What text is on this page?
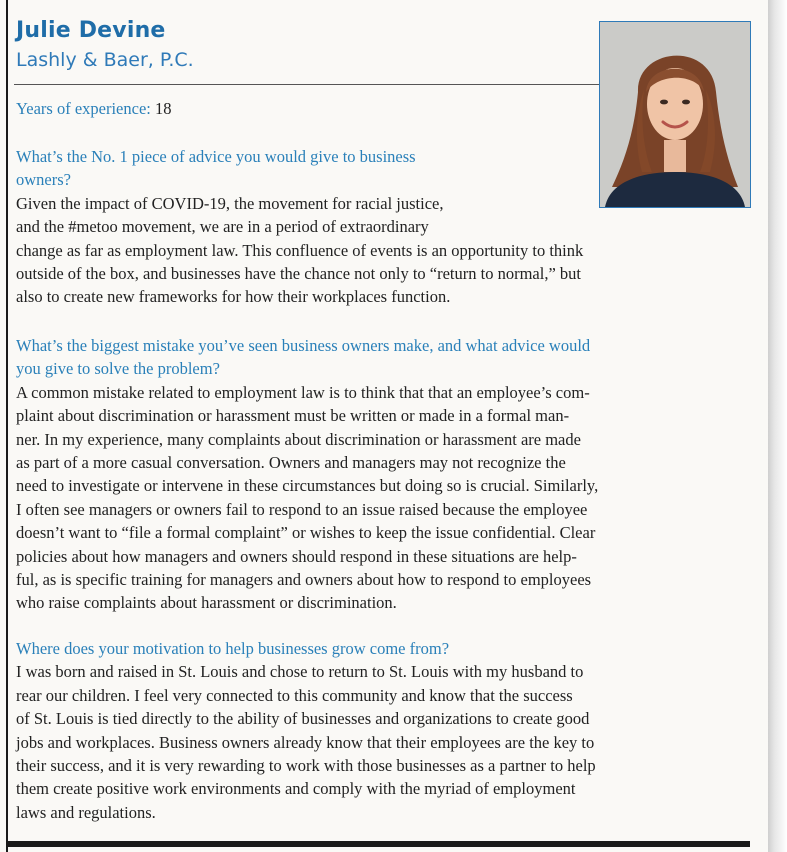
Julie Devine
Lashly & Baer, P.C.
Years of experience: 18
What’s the No. 1 piece of advice you would give to business
owners?
Given the impact of COVID-19, the movement for racial justice,
and the #metoo movement, we are in a period of extraordinary
change as far as employment law. This confluence of events is an opportunity to think
outside of the box, and businesses have the chance not only to “return to normal,” but
also to create new frameworks for how their workplaces function.
What’s the biggest mistake you’ve seen business owners make, and what advice would
you give to solve the problem?
A common mistake related to employment law is to think that that an employee’s com-
plaint about discrimination or harassment must be written or made in a formal man-
ner. In my experience, many complaints about discrimination or harassment are made
as part of a more casual conversation. Owners and managers may not recognize the
need to investigate or intervene in these circumstances but doing so is crucial. Similarly,
I often see managers or owners fail to respond to an issue raised because the employee
doesn’t want to “file a formal complaint” or wishes to keep the issue confidential. Clear
policies about how managers and owners should respond in these situations are help-
ful, as is specific training for managers and owners about how to respond to employees
who raise complaints about harassment or discrimination.
Where does your motivation to help businesses grow come from?
I was born and raised in St. Louis and chose to return to St. Louis with my husband to
rear our children. I feel very connected to this community and know that the success
of St. Louis is tied directly to the ability of businesses and organizations to create good
jobs and workplaces. Business owners already know that their employees are the key to
their success, and it is very rewarding to work with those businesses as a partner to help
them create positive work environments and comply with the myriad of employment
laws and regulations.
